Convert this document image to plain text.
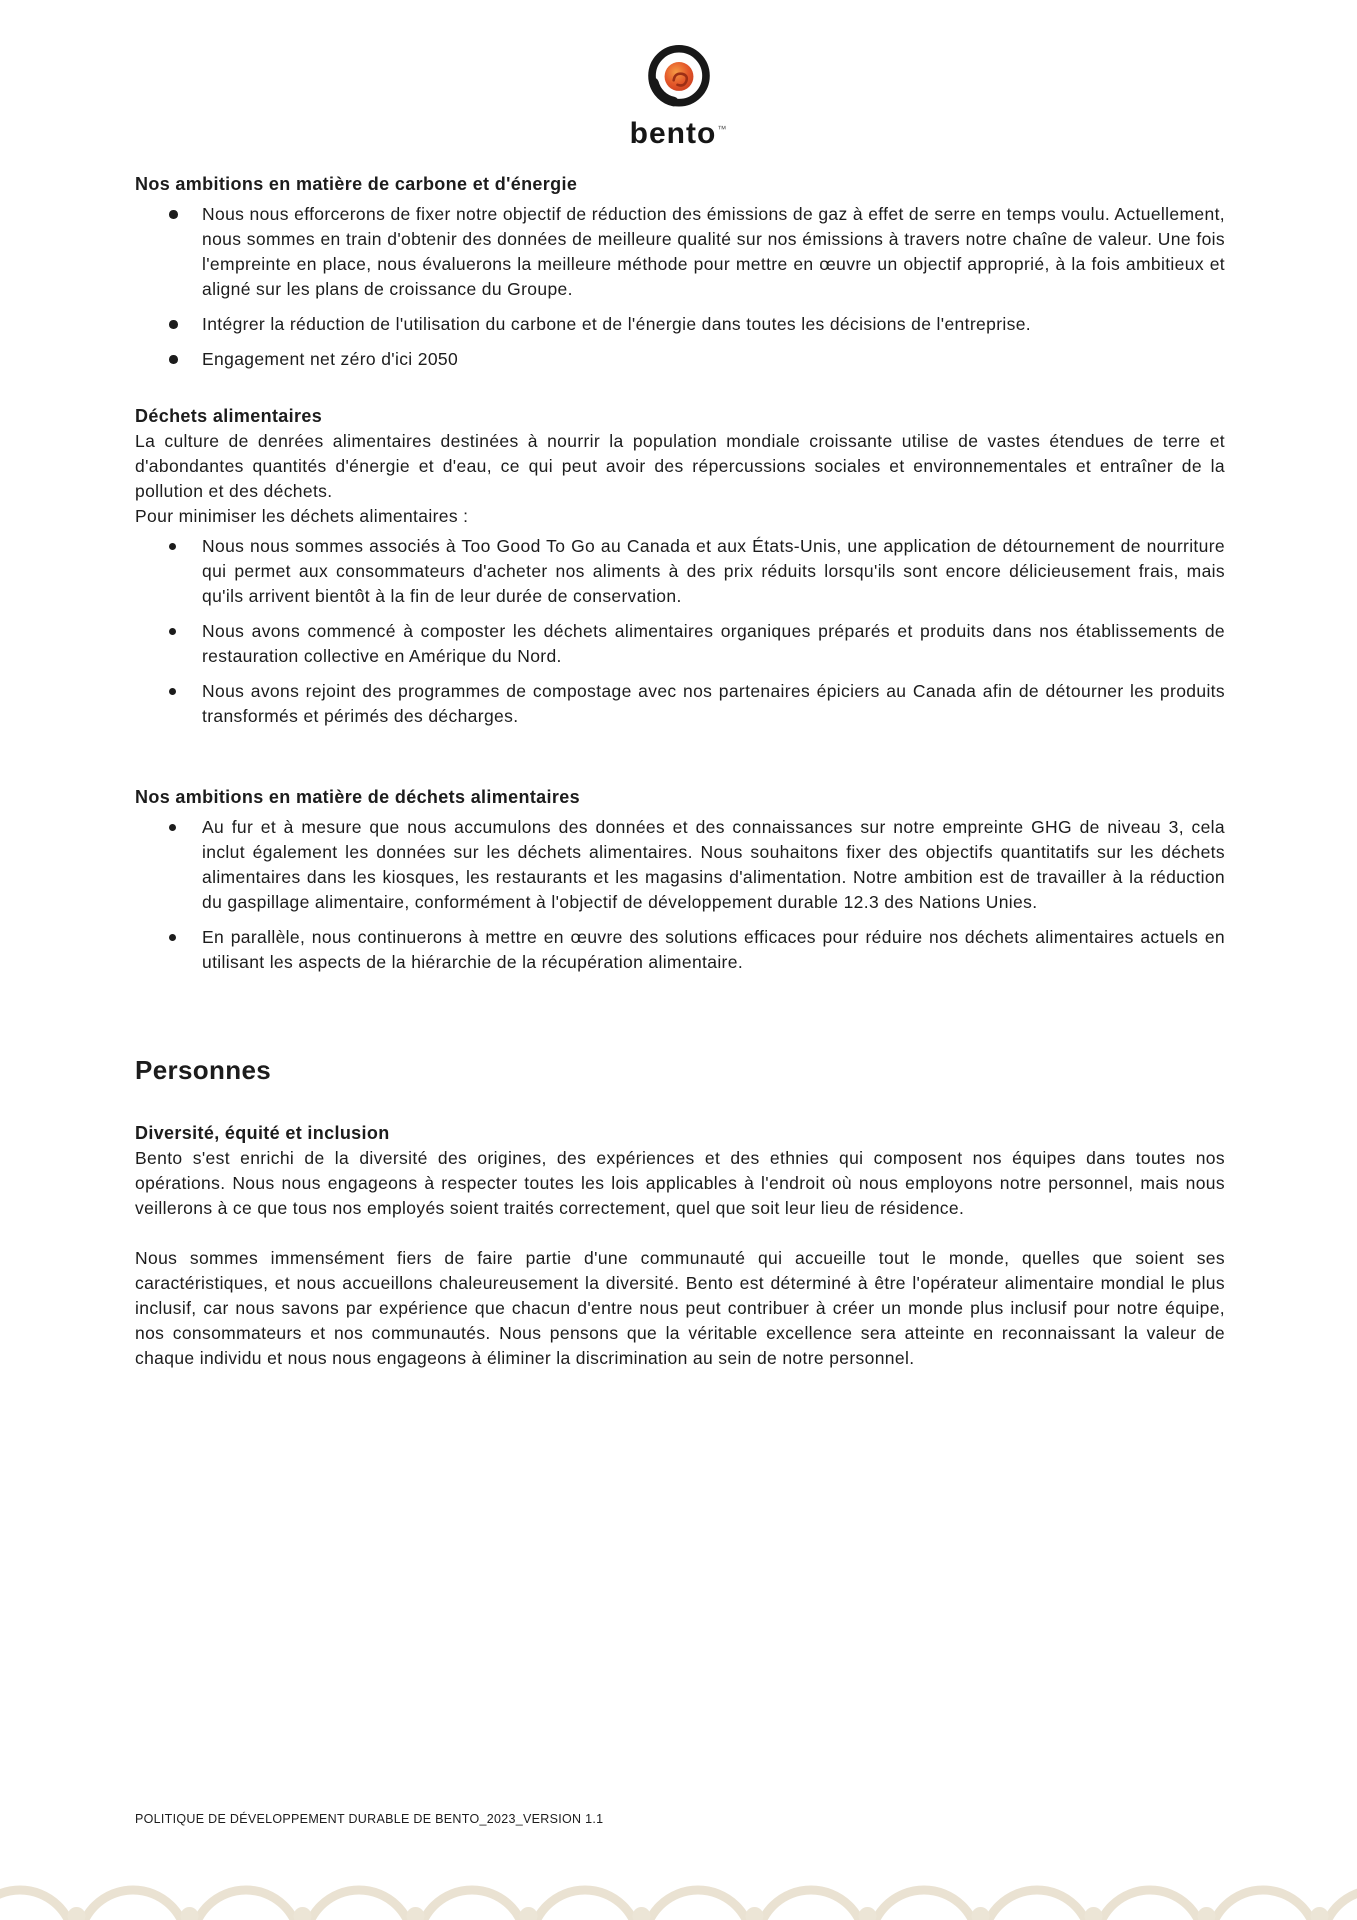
bento™
Nos ambitions en matière de carbone et d'énergie
Nous nous efforcerons de fixer notre objectif de réduction des émissions de gaz à effet de serre en temps voulu. Actuellement, nous sommes en train d'obtenir des données de meilleure qualité sur nos émissions à travers notre chaîne de valeur. Une fois l'empreinte en place, nous évaluerons la meilleure méthode pour mettre en œuvre un objectif approprié, à la fois ambitieux et aligné sur les plans de croissance du Groupe.
Intégrer la réduction de l'utilisation du carbone et de l'énergie dans toutes les décisions de l'entreprise.
Engagement net zéro d'ici 2050
Déchets alimentaires

La culture de denrées alimentaires destinées à nourrir la population mondiale croissante utilise de vastes étendues de terre et d'abondantes quantités d'énergie et d'eau, ce qui peut avoir des répercussions sociales et environnementales et entraîner de la pollution et des déchets.

Pour minimiser les déchets alimentaires :

Nous nous sommes associés à Too Good To Go au Canada et aux États-Unis, une application de détournement de nourriture qui permet aux consommateurs d'acheter nos aliments à des prix réduits lorsqu'ils sont encore délicieusement frais, mais qu'ils arrivent bientôt à la fin de leur durée de conservation.
Nous avons commencé à composter les déchets alimentaires organiques préparés et produits dans nos établissements de restauration collective en Amérique du Nord.
Nous avons rejoint des programmes de compostage avec nos partenaires épiciers au Canada afin de détourner les produits transformés et périmés des décharges.
Nos ambitions en matière de déchets alimentaires
Au fur et à mesure que nous accumulons des données et des connaissances sur notre empreinte GHG de niveau 3, cela inclut également les données sur les déchets alimentaires. Nous souhaitons fixer des objectifs quantitatifs sur les déchets alimentaires dans les kiosques, les restaurants et les magasins d'alimentation. Notre ambition est de travailler à la réduction du gaspillage alimentaire, conformément à l'objectif de développement durable 12.3 des Nations Unies.
En parallèle, nous continuerons à mettre en œuvre des solutions efficaces pour réduire nos déchets alimentaires actuels en utilisant les aspects de la hiérarchie de la récupération alimentaire.
Personnes
Diversité, équité et inclusion

Bento s'est enrichi de la diversité des origines, des expériences et des ethnies qui composent nos équipes dans toutes nos opérations. Nous nous engageons à respecter toutes les lois applicables à l'endroit où nous employons notre personnel, mais nous veillerons à ce que tous nos employés soient traités correctement, quel que soit leur lieu de résidence.

Nous sommes immensément fiers de faire partie d'une communauté qui accueille tout le monde, quelles que soient ses caractéristiques, et nous accueillons chaleureusement la diversité. Bento est déterminé à être l'opérateur alimentaire mondial le plus inclusif, car nous savons par expérience que chacun d'entre nous peut contribuer à créer un monde plus inclusif pour notre équipe, nos consommateurs et nos communautés. Nous pensons que la véritable excellence sera atteinte en reconnaissant la valeur de chaque individu et nous nous engageons à éliminer la discrimination au sein de notre personnel.

POLITIQUE DE DÉVELOPPEMENT DURABLE DE BENTO_2023_VERSION 1.1
